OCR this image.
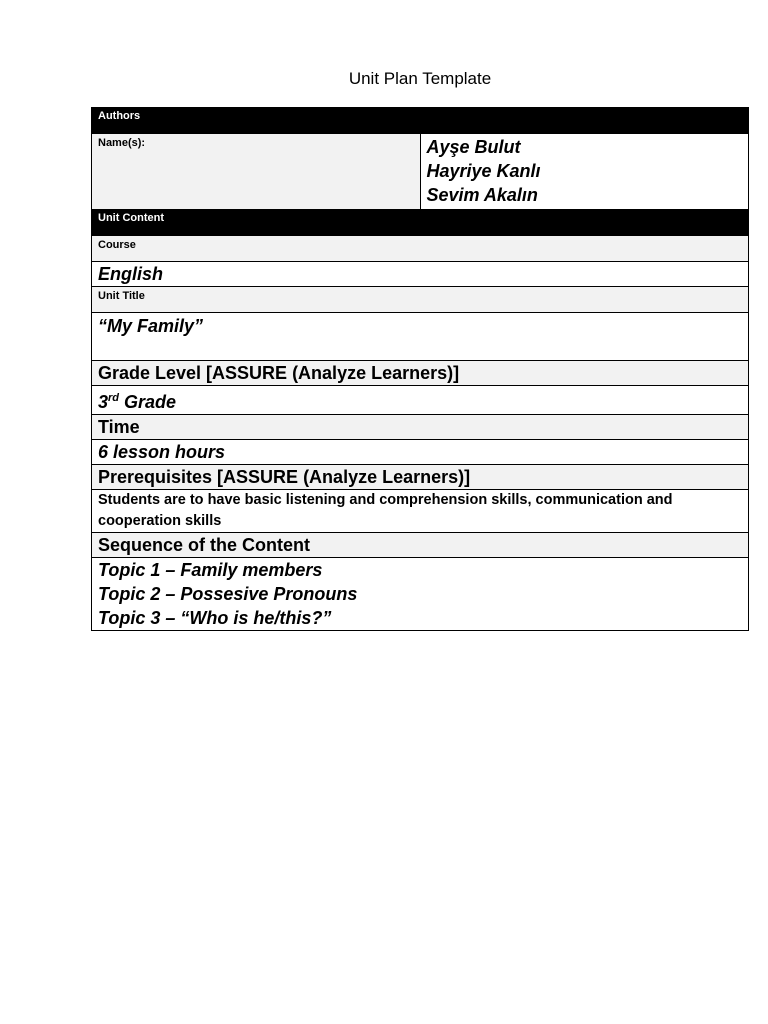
Unit Plan Template
Authors
Name(s):	Ayşe Bulut
Hayriye Kanlı
Sevim Akalın

Unit Content
Course
English
Unit Title
“My Family”
Grade Level [ASSURE (Analyze Learners)]
3rd Grade
Time
6 lesson hours
Prerequisites [ASSURE (Analyze Learners)]
Students are to have basic listening and comprehension skills, communication and cooperation skills
Sequence of the Content

Topic 1 – Family members
Topic 2 – Possesive Pronouns
Topic 3 – “Who is he/this?”
